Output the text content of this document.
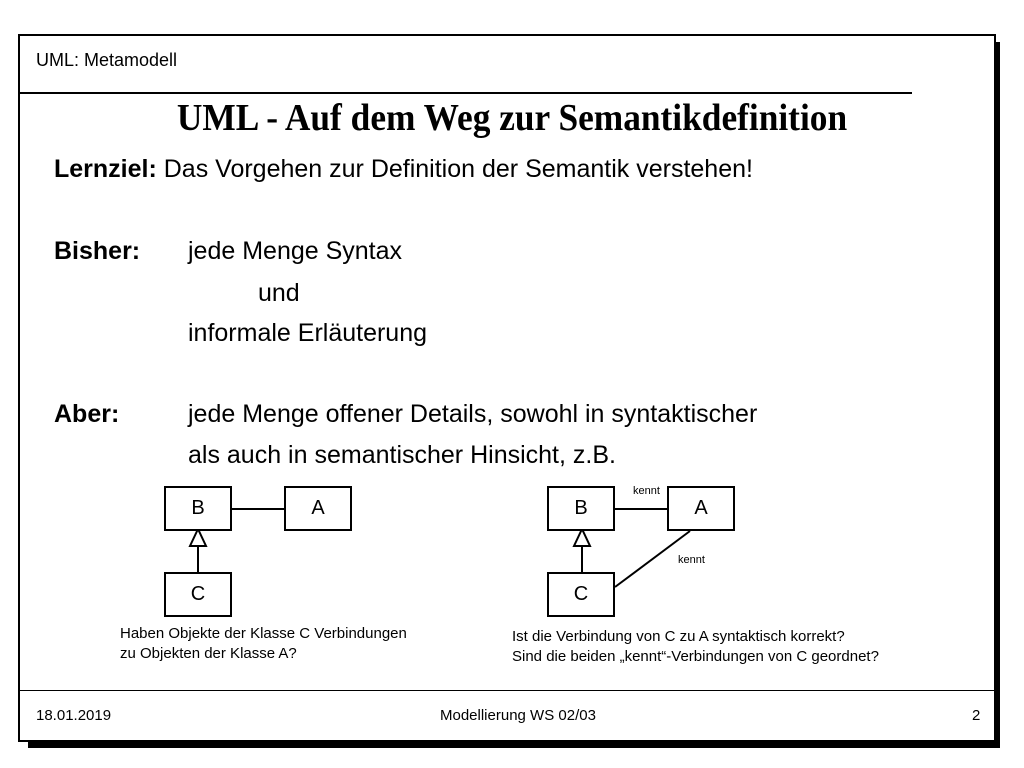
UML: Metamodell
UML - Auf dem Weg zur Semantikdefinition
Lernziel: Das Vorgehen zur Definition der Semantik verstehen!
Bisher: jede Menge Syntax
und
informale Erläuterung
Aber:	jede Menge offener Details, sowohl in syntaktischer
als auch in semantischer Hinsicht, z.B.
B	A
C
Haben Objekte der Klasse C Verbindungen
zu Objekten der Klasse A?
B	A
C
kennt
kennt
Ist die Verbindung von C zu A syntaktisch korrekt?
Sind die beiden „kennt“-Verbindungen von C geordnet?
18.01.2019	Modellierung WS 02/03	2
